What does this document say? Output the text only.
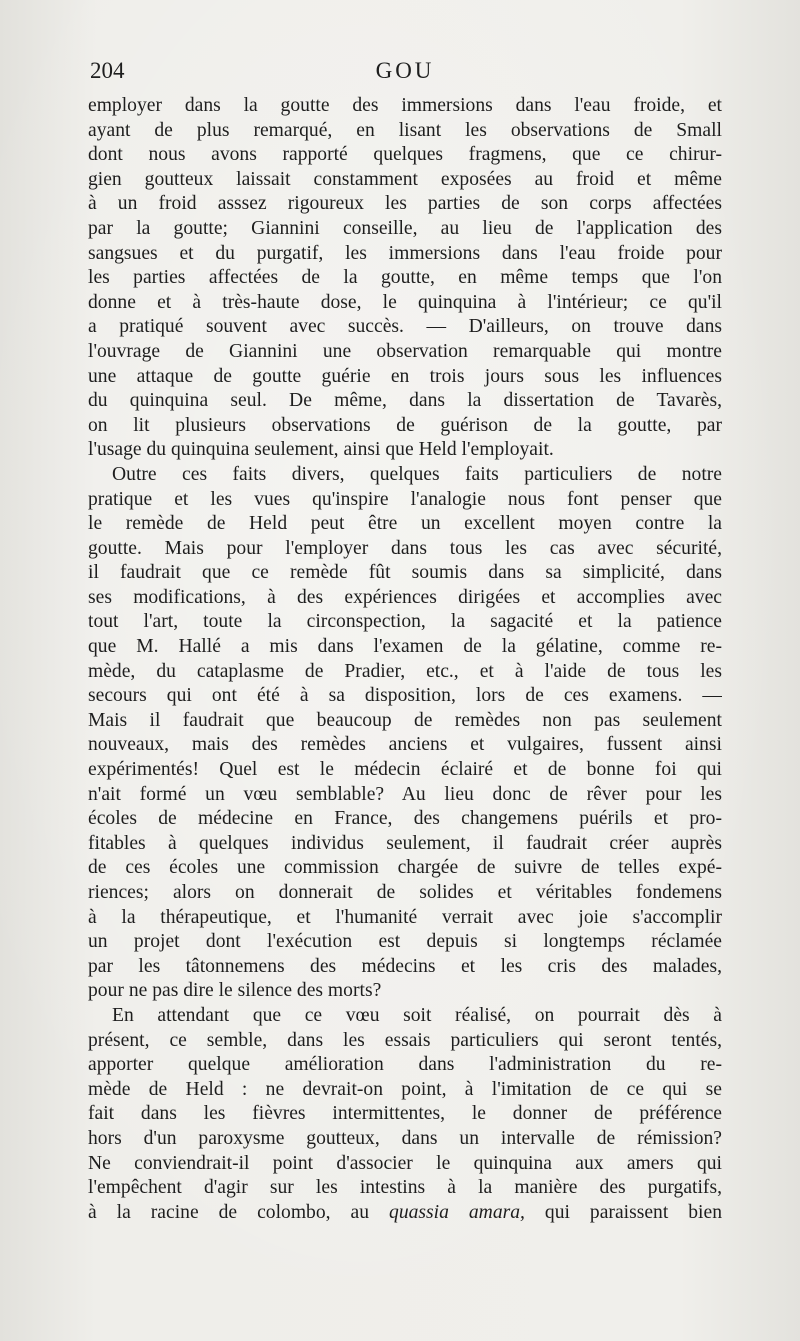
204	GOU
employer dans la goutte des immersions dans l'eau froide, et
ayant de plus remarqué, en lisant les observations de Small
dont nous avons rapporté quelques fragmens, que ce chirur-
gien goutteux laissait constamment exposées au froid et même
à un froid asssez rigoureux les parties de son corps affectées
par la goutte; Giannini conseille, au lieu de l'application des
sangsues et du purgatif, les immersions dans l'eau froide pour
les parties affectées de la goutte, en même temps que l'on
donne et à très-haute dose, le quinquina à l'intérieur; ce qu'il
a pratiqué souvent avec succès. — D'ailleurs, on trouve dans
l'ouvrage de Giannini une observation remarquable qui montre
une attaque de goutte guérie en trois jours sous les influences
du quinquina seul. De même, dans la dissertation de Tavarès,
on lit plusieurs observations de guérison de la goutte, par
l'usage du quinquina seulement, ainsi que Held l'employait.
Outre ces faits divers, quelques faits particuliers de notre
pratique et les vues qu'inspire l'analogie nous font penser que
le remède de Held peut être un excellent moyen contre la
goutte. Mais pour l'employer dans tous les cas avec sécurité,
il faudrait que ce remède fût soumis dans sa simplicité, dans
ses modifications, à des expériences dirigées et accomplies avec
tout l'art, toute la circonspection, la sagacité et la patience
que M. Hallé a mis dans l'examen de la gélatine, comme re-
mède, du cataplasme de Pradier, etc., et à l'aide de tous les
secours qui ont été à sa disposition, lors de ces examens. —
Mais il faudrait que beaucoup de remèdes non pas seulement
nouveaux, mais des remèdes anciens et vulgaires, fussent ainsi
expérimentés! Quel est le médecin éclairé et de bonne foi qui
n'ait formé un vœu semblable? Au lieu donc de rêver pour les
écoles de médecine en France, des changemens puérils et pro-
fitables à quelques individus seulement, il faudrait créer auprès
de ces écoles une commission chargée de suivre de telles expé-
riences; alors on donnerait de solides et véritables fondemens
à la thérapeutique, et l'humanité verrait avec joie s'accomplir
un projet dont l'exécution est depuis si longtemps réclamée
par les tâtonnemens des médecins et les cris des malades,
pour ne pas dire le silence des morts?
En attendant que ce vœu soit réalisé, on pourrait dès à
présent, ce semble, dans les essais particuliers qui seront tentés,
apporter quelque amélioration dans l'administration du re-
mède de Held : ne devrait-on point, à l'imitation de ce qui se
fait dans les fièvres intermittentes, le donner de préférence
hors d'un paroxysme goutteux, dans un intervalle de rémission?
Ne conviendrait-il point d'associer le quinquina aux amers qui
l'empêchent d'agir sur les intestins à la manière des purgatifs,
à la racine de colombo, au quassia amara, qui paraissent bien
